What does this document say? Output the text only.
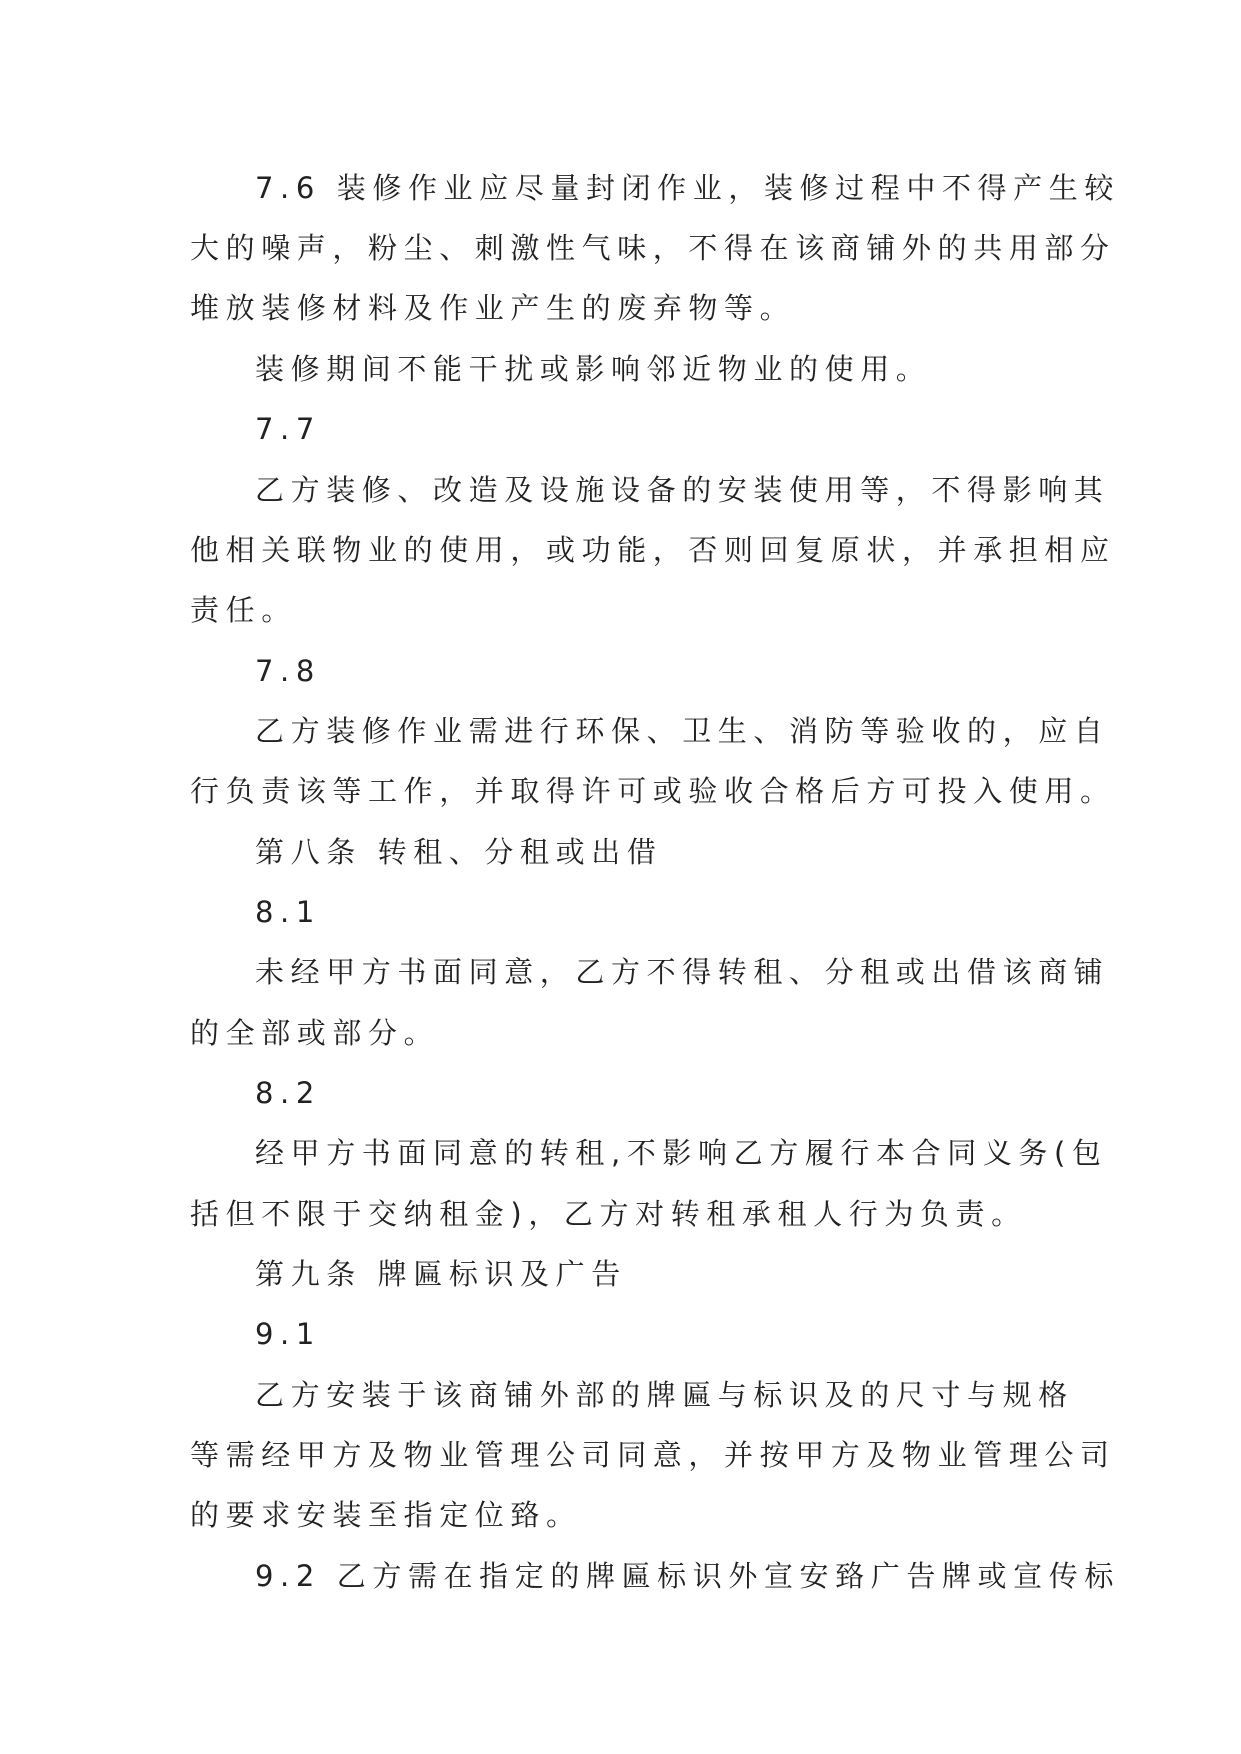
7.6 装修作业应尽量封闭作业，装修过程中不得产生较
大的噪声，粉尘、刺激性气味，不得在该商铺外的共用部分
堆放装修材料及作业产生的废弃物等。
装修期间不能干扰或影响邻近物业的使用。
7.7
乙方装修、改造及设施设备的安装使用等，不得影响其
他相关联物业的使用，或功能，否则回复原状，并承担相应
责任。
7.8
乙方装修作业需进行环保、卫生、消防等验收的，应自
行负责该等工作，并取得许可或验收合格后方可投入使用。
第八条 转租、分租或出借
8.1
未经甲方书面同意，乙方不得转租、分租或出借该商铺
的全部或部分。
8.2
经甲方书面同意的转租,不影响乙方履行本合同义务(包
括但不限于交纳租金)，乙方对转租承租人行为负责。
第九条 牌匾标识及广告
9.1
乙方安装于该商铺外部的牌匾与标识及的尺寸与规格
等需经甲方及物业管理公司同意，并按甲方及物业管理公司
的要求安装至指定位臵。
9.2 乙方需在指定的牌匾标识外宣安臵广告牌或宣传标
